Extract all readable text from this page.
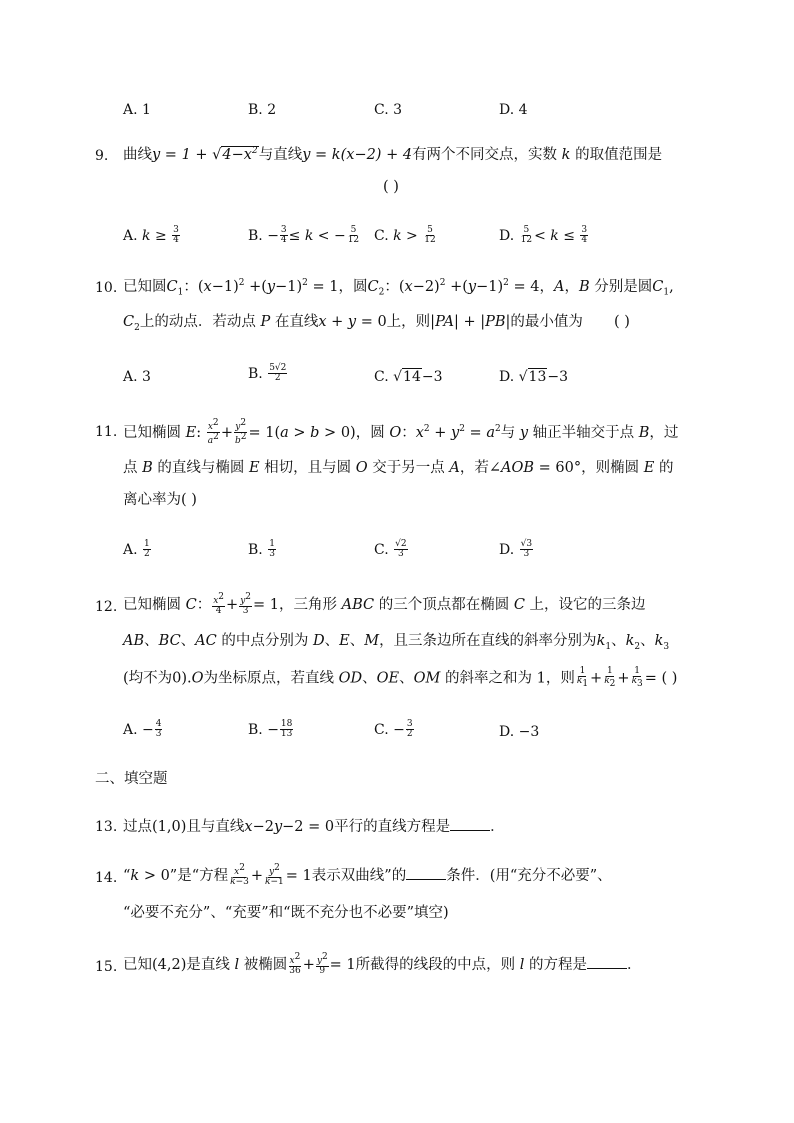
A. 1	B. 2	C. 3	D. 4
9. 曲线$y = 1 + √4-x^2$与直线y = k(x−2) + 4有两个不同交点，实数 k 的取值范围是
( )
A. $k \ge \frac{3}{4}$	B. − $\frac{3}{4} \le k$ < − $\frac{5}{12} C$. $k > \frac{5}{12}$	D. $\frac{5}{12} < k \le \frac{3}{4}$
10. 已知圆$C_1$：$(x-1)^2 +(y-1)^2 = 1$，圆$C_2$：$(x-2)^2 +(y-1)^2 = 4$，A，B 分别是圆$C_1$,
$C_2$上的动点．若动点 P 在直线x + y = 0上，则|PA| + |PB|的最小值为 ( )
A. 3	B. $\frac{5√2}{2}$	C. √14−3	D. √13−3
11. 已知椭圆 E: $\frac{x^2}{a^2} + \frac{y^2}{b^2} = 1(a > b > 0)$，圆 O：$x^2 + y^2 = a^2$与 y 轴正半轴交于点 B，过
点 B 的直线与椭圆 E 相切，且与圆 O 交于另一点 A，若∠AOB = 60°，则椭圆 E 的
离心率为( )
A. $\frac{1}{2}$	B. $\frac{1}{3}$	C. $\frac{√2}{3}$	D. $\frac{√3}{3}$
12. 已知椭圆 C： $\frac{x^2}{4} + \frac{y^2}{3} = 1$，三角形 ABC 的三个顶点都在椭圆 C 上，设它的三条边
AB、BC、AC 的中点分别为 D、E、M，且三条边所在直线的斜率分别为$k_1$、$k_2$、$k_3$
(均不为0).O为坐标原点，若直线 OD、OE、OM 的斜率之和为 1，则 $\frac{1}{k_1} + \frac{1}{k_2} + \frac{1}{k_3}$ = ( )
A. − $\frac{4}{3}$	B. − $\frac{18}{13}$	C. − $\frac{3}{2}$	D. −3
二、填空题
13. 过点(1,0)且与直线x−2y−2 = 0平行的直线方程是	．
14. “k > 0”是“方程 $\frac{x^2}{k-3} + \frac{y^2}{k-1} = 1$表示双曲线”的	条件．(用“充分不必要”、
“必要不充分”、“充要”和“既不充分也不必要”填空)
15. 已知(4,2)是直线 l 被椭圆 $\frac{x^2}{36} + \frac{y^2}{9} = 1$所截得的线段的中点，则 l 的方程是	．
